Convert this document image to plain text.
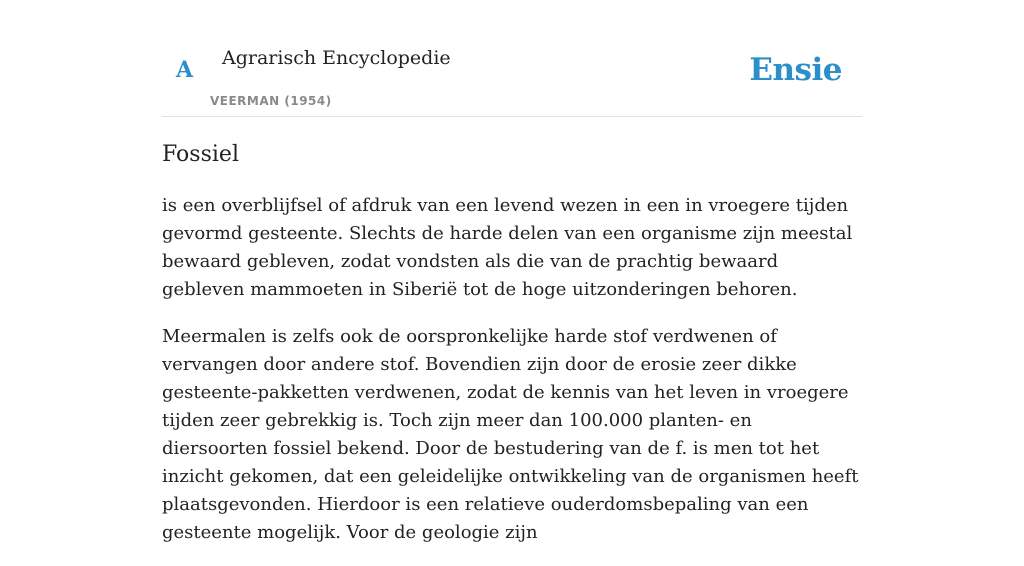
A Agrarisch Encyclopedie
VEERMAN (1954)
Ensie
Fossiel

is een overblijfsel of afdruk van een levend wezen in een in vroegere tijden gevormd gesteente. Slechts de harde delen van een organisme zijn meestal bewaard gebleven, zodat vondsten als die van de prachtig bewaard gebleven mammoeten in Siberië tot de hoge uitzonderingen behoren.

Meermalen is zelfs ook de oorspronkelijke harde stof verdwenen of vervangen door andere stof. Bovendien zijn door de erosie zeer dikke gesteente-pakketten verdwenen, zodat de kennis van het leven in vroegere tijden zeer gebrekkig is. Toch zijn meer dan 100.000 planten- en diersoorten fossiel bekend. Door de bestudering van de f. is men tot het inzicht gekomen, dat een geleidelijke ontwikkeling van de organismen heeft plaatsgevonden. Hierdoor is een relatieve ouderdomsbepaling van een gesteente mogelijk. Voor de geologie zijn
